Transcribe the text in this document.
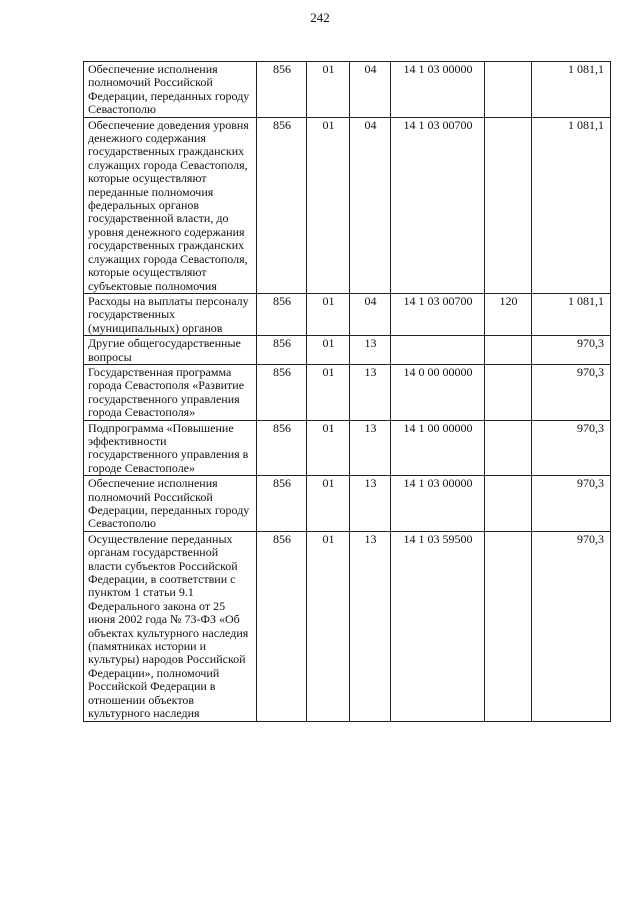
242
Обеспечение исполнения полномочий Российской Федерации, переданных городу Севастополю	856	01	04	14 1 03 00000		1 081,1
Обеспечение доведения уровня денежного содержания государственных гражданских служащих города Севастополя, которые осуществляют переданные полномочия федеральных органов государственной власти, до уровня денежного содержания государственных гражданских служащих города Севастополя, которые осуществляют субъектовые полномочия	856	01	04	14 1 03 00700		1 081,1
Расходы на выплаты персоналу государственных (муниципальных) органов	856	01	04	14 1 03 00700	120	1 081,1
Другие общегосударственные вопросы	856	01	13			970,3
Государственная программа города Севастополя «Развитие государственного управления города Севастополя»	856	01	13	14 0 00 00000		970,3
Подпрограмма «Повышение эффективности государственного управления в городе Севастополе»	856	01	13	14 1 00 00000		970,3
Обеспечение исполнения полномочий Российской Федерации, переданных городу Севастополю	856	01	13	14 1 03 00000		970,3
Осуществление переданных органам государственной власти субъектов Российской Федерации, в соответствии с пунктом 1 статьи 9.1 Федерального закона от 25 июня 2002 года № 73-ФЗ «Об объектах культурного наследия (памятниках истории и культуры) народов Российской Федерации», полномочий Российской Федерации в отношении объектов культурного наследия	856	01	13	14 1 03 59500		970,3
